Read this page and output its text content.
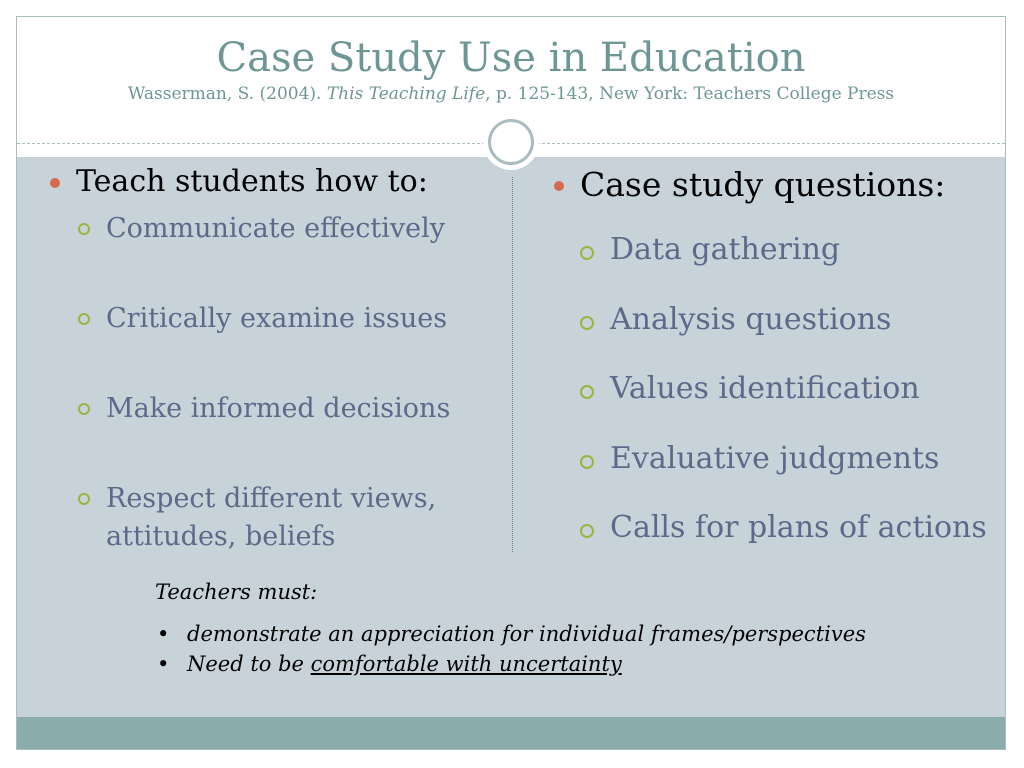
Case Study Use in Education

Wasserman, S. (2004). This Teaching Life, p. 125-143, New York: Teachers College Press

Teach students how to:
Communicate effectively
Critically examine issues
Make informed decisions
Respect different views,
attitudes, beliefs
Case study questions:
Data gathering
Analysis questions
Values identification
Evaluative judgments
Calls for plans of actions
Teachers must:
• demonstrate an appreciation for individual frames/perspectives
• Need to be comfortable with uncertainty
